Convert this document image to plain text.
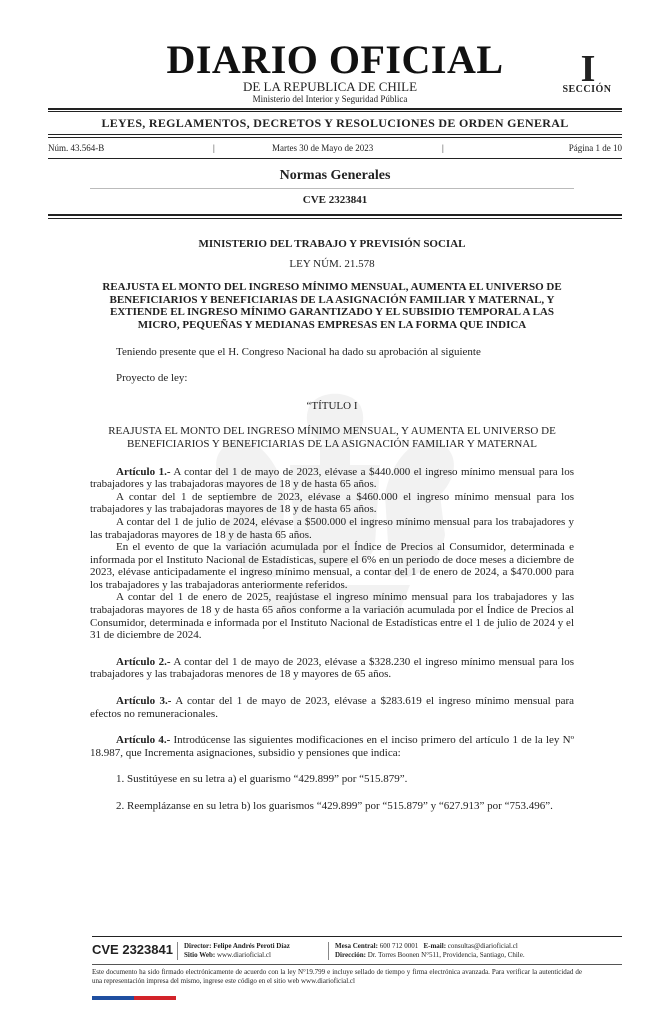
DIARIO OFICIAL
DE LA REPUBLICA DE CHILE
Ministerio del Interior y Seguridad Pública
I
SECCIÓN
LEYES, REGLAMENTOS, DECRETOS Y RESOLUCIONES DE ORDEN GENERAL
Núm. 43.564-B	|	Martes 30 de Mayo de 2023	|	Página 1 de 10
Normas Generales
CVE 2323841

MINISTERIO DEL TRABAJO Y PREVISIÓN SOCIAL

LEY NÚM. 21.578

REAJUSTA EL MONTO DEL INGRESO MÍNIMO MENSUAL, AUMENTA EL UNIVERSO DE BENEFICIARIOS Y BENEFICIARIAS DE LA ASIGNACIÓN FAMILIAR Y MATERNAL, Y EXTIENDE EL INGRESO MÍNIMO GARANTIZADO Y EL SUBSIDIO TEMPORAL A LAS MICRO, PEQUEÑAS Y MEDIANAS EMPRESAS EN LA FORMA QUE INDICA

Teniendo presente que el H. Congreso Nacional ha dado su aprobación al siguiente

Proyecto de ley:

“TÍTULO I

REAJUSTA EL MONTO DEL INGRESO MÍNIMO MENSUAL, Y AUMENTA EL UNIVERSO DE BENEFICIARIOS Y BENEFICIARIAS DE LA ASIGNACIÓN FAMILIAR Y MATERNAL

Artículo 1.- A contar del 1 de mayo de 2023, elévase a $440.000 el ingreso mínimo mensual para los trabajadores y las trabajadoras mayores de 18 y de hasta 65 años.

A contar del 1 de septiembre de 2023, elévase a $460.000 el ingreso mínimo mensual para los trabajadores y las trabajadoras mayores de 18 y de hasta 65 años.

A contar del 1 de julio de 2024, elévase a $500.000 el ingreso mínimo mensual para los trabajadores y las trabajadoras mayores de 18 y de hasta 65 años.

En el evento de que la variación acumulada por el Índice de Precios al Consumidor, determinada e informada por el Instituto Nacional de Estadísticas, supere el 6% en un periodo de doce meses a diciembre de 2023, elévase anticipadamente el ingreso mínimo mensual, a contar del 1 de enero de 2024, a $470.000 para los trabajadores y las trabajadoras anteriormente referidos.

A contar del 1 de enero de 2025, reajústase el ingreso mínimo mensual para los trabajadores y las trabajadoras mayores de 18 y de hasta 65 años conforme a la variación acumulada por el Índice de Precios al Consumidor, determinada e informada por el Instituto Nacional de Estadísticas entre el 1 de julio de 2024 y el 31 de diciembre de 2024.

Artículo 2.- A contar del 1 de mayo de 2023, elévase a $328.230 el ingreso mínimo mensual para los trabajadores y las trabajadoras menores de 18 y mayores de 65 años.

Artículo 3.- A contar del 1 de mayo de 2023, elévase a $283.619 el ingreso mínimo mensual para efectos no remuneracionales.

Artículo 4.- Introdúcense las siguientes modificaciones en el inciso primero del artículo 1 de la ley Nº 18.987, que Incrementa asignaciones, subsidio y pensiones que indica:

1. Sustitúyese en su letra a) el guarismo “429.899” por “515.879”.

2. Reemplázanse en su letra b) los guarismos “429.899” por “515.879” y “627.913” por “753.496”.

CVE 2323841 Director: Felipe Andrés Peroti Díaz
Sitio Web: www.diarioficial.cl
Mesa Central: 600 712 0001 E-mail: consultas@diarioficial.cl
Dirección: Dr. Torres Boonen N°511, Providencia, Santiago, Chile.
Este documento ha sido firmado electrónicamente de acuerdo con la ley N°19.799 e incluye sellado de tiempo y firma electrónica avanzada. Para verificar la autenticidad de una representación impresa del mismo, ingrese este código en el sitio web www.diarioficial.cl
